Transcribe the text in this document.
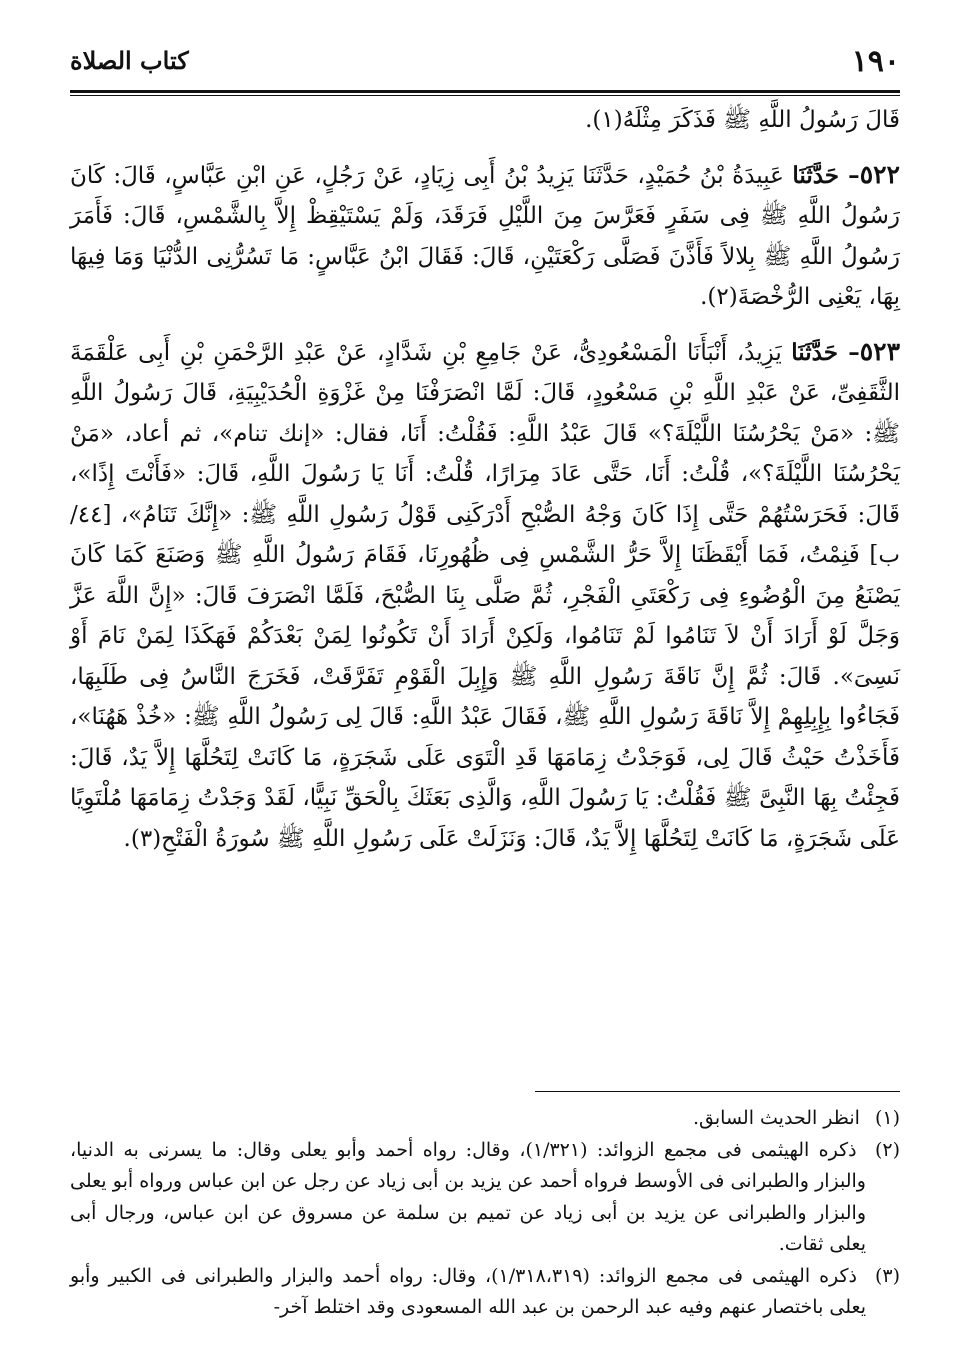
١٩٠
كتاب الصلاة

قَالَ رَسُولُ اللَّهِ ﷺ فَذَكَرَ مِثْلَهُ(١).

٥٢٢– حَدَّثَنَا عَبِيدَةُ بْنُ حُمَيْدٍ، حَدَّثَنَا يَزِيدُ بْنُ أَبِى زِيَادٍ، عَنْ رَجُلٍ، عَنِ ابْنِ عَبَّاسٍ، قَالَ: كَانَ رَسُولُ اللَّهِ ﷺ فِى سَفَرٍ فَعَرَّسَ مِنَ اللَّيْلِ فَرَقَدَ، وَلَمْ يَسْتَيْقِظْ إِلاَّ بِالشَّمْسِ، قَالَ: فَأَمَرَ رَسُولُ اللَّهِ ﷺ بِلالاً فَأَذَّنَ فَصَلَّى رَكْعَتَيْنِ، قَالَ: فَقَالَ ابْنُ عَبَّاسٍ: مَا تَسُرُّنِى الدُّنْيَا وَمَا فِيهَا بِهَا، يَعْنِى الرُّخْصَةَ(٢).

٥٢٣– حَدَّثَنَا يَزِيدُ، أَنْبَأَنَا الْمَسْعُودِىُّ، عَنْ جَامِعِ بْنِ شَدَّادٍ، عَنْ عَبْدِ الرَّحْمَنِ بْنِ أَبِى عَلْقَمَةَ الثَّقَفِىِّ، عَنْ عَبْدِ اللَّهِ بْنِ مَسْعُودٍ، قَالَ: لَمَّا انْصَرَفْنَا مِنْ غَزْوَةِ الْحُدَيْبِيَةِ، قَالَ رَسُولُ اللَّهِ ﷺ: «مَنْ يَحْرُسُنَا اللَّيْلَةَ؟» قَالَ عَبْدُ اللَّهِ: فَقُلْتُ: أَنَا، فقال: «إنك تنام»، ثم أعاد، «مَنْ يَحْرُسُنَا اللَّيْلَةَ؟»، قُلْتُ: أَنَا، حَتَّى عَادَ مِرَارًا، قُلْتُ: أَنَا يَا رَسُولَ اللَّهِ، قَالَ: «فَأَنْتَ إِذًا»، قَالَ: فَحَرَسْتُهُمْ حَتَّى إِذَا كَانَ وَجْهُ الصُّبْحِ أَدْرَكَنِى قَوْلُ رَسُولِ اللَّهِ ﷺ: «إِنَّكَ تَنَامُ»، [٤٤/ب] فَنِمْتُ، فَمَا أَيْقَظَنَا إِلاَّ حَرُّ الشَّمْسِ فِى ظُهُورِنَا، فَقَامَ رَسُولُ اللَّهِ ﷺ وَصَنَعَ كَمَا كَانَ يَصْنَعُ مِنَ الْوُضُوءِ فِى رَكْعَتَىِ الْفَجْرِ، ثُمَّ صَلَّى بِنَا الصُّبْحَ، فَلَمَّا انْصَرَفَ قَالَ: «إِنَّ اللَّهَ عَزَّ وَجَلَّ لَوْ أَرَادَ أَنْ لاَ تَنَامُوا لَمْ تَنَامُوا، وَلَكِنْ أَرَادَ أَنْ تَكُونُوا لِمَنْ بَعْدَكُمْ فَهَكَذَا لِمَنْ نَامَ أَوْ نَسِىَ». قَالَ: ثُمَّ إِنَّ نَاقَةَ رَسُولِ اللَّهِ ﷺ وَإِبِلَ الْقَوْمِ تَفَرَّقَتْ، فَخَرَجَ النَّاسُ فِى طَلَبِهَا، فَجَاءُوا بِإِبِلِهِمْ إِلاَّ نَاقَةَ رَسُولِ اللَّهِ ﷺ، فَقَالَ عَبْدُ اللَّهِ: قَالَ لِى رَسُولُ اللَّهِ ﷺ: «خُذْ هَهُنَا»، فَأَخَذْتُ حَيْثُ قَالَ لِى، فَوَجَدْتُ زِمَامَهَا قَدِ الْتَوَى عَلَى شَجَرَةٍ، مَا كَانَتْ لِتَحُلَّهَا إِلاَّ يَدٌ، قَالَ: فَجِئْتُ بِهَا النَّبِىَّ ﷺ فَقُلْتُ: يَا رَسُولَ اللَّهِ، وَالَّذِى بَعَثَكَ بِالْحَقِّ نَبِيًّا، لَقَدْ وَجَدْتُ زِمَامَهَا مُلْتَوِيًا عَلَى شَجَرَةٍ، مَا كَانَتْ لِتَحُلَّهَا إِلاَّ يَدٌ، قَالَ: وَنَزَلَتْ عَلَى رَسُولِ اللَّهِ ﷺ سُورَةُ الْفَتْحِ(٣).

(١) انظر الحديث السابق.

(٢) ذكره الهيثمى فى مجمع الزوائد: (١/٣٢١)، وقال: رواه أحمد وأبو يعلى وقال: ما يسرنى به الدنيا، والبزار والطبرانى فى الأوسط فرواه أحمد عن يزيد بن أبى زياد عن رجل عن ابن عباس ورواه أبو يعلى والبزار والطبرانى عن يزيد بن أبى زياد عن تميم بن سلمة عن مسروق عن ابن عباس، ورجال أبى يعلى ثقات.

(٣) ذكره الهيثمى فى مجمع الزوائد: (١/٣١٨،٣١٩)، وقال: رواه أحمد والبزار والطبرانى فى الكبير وأبو يعلى باختصار عنهم وفيه عبد الرحمن بن عبد الله المسعودى وقد اختلط آخر-
